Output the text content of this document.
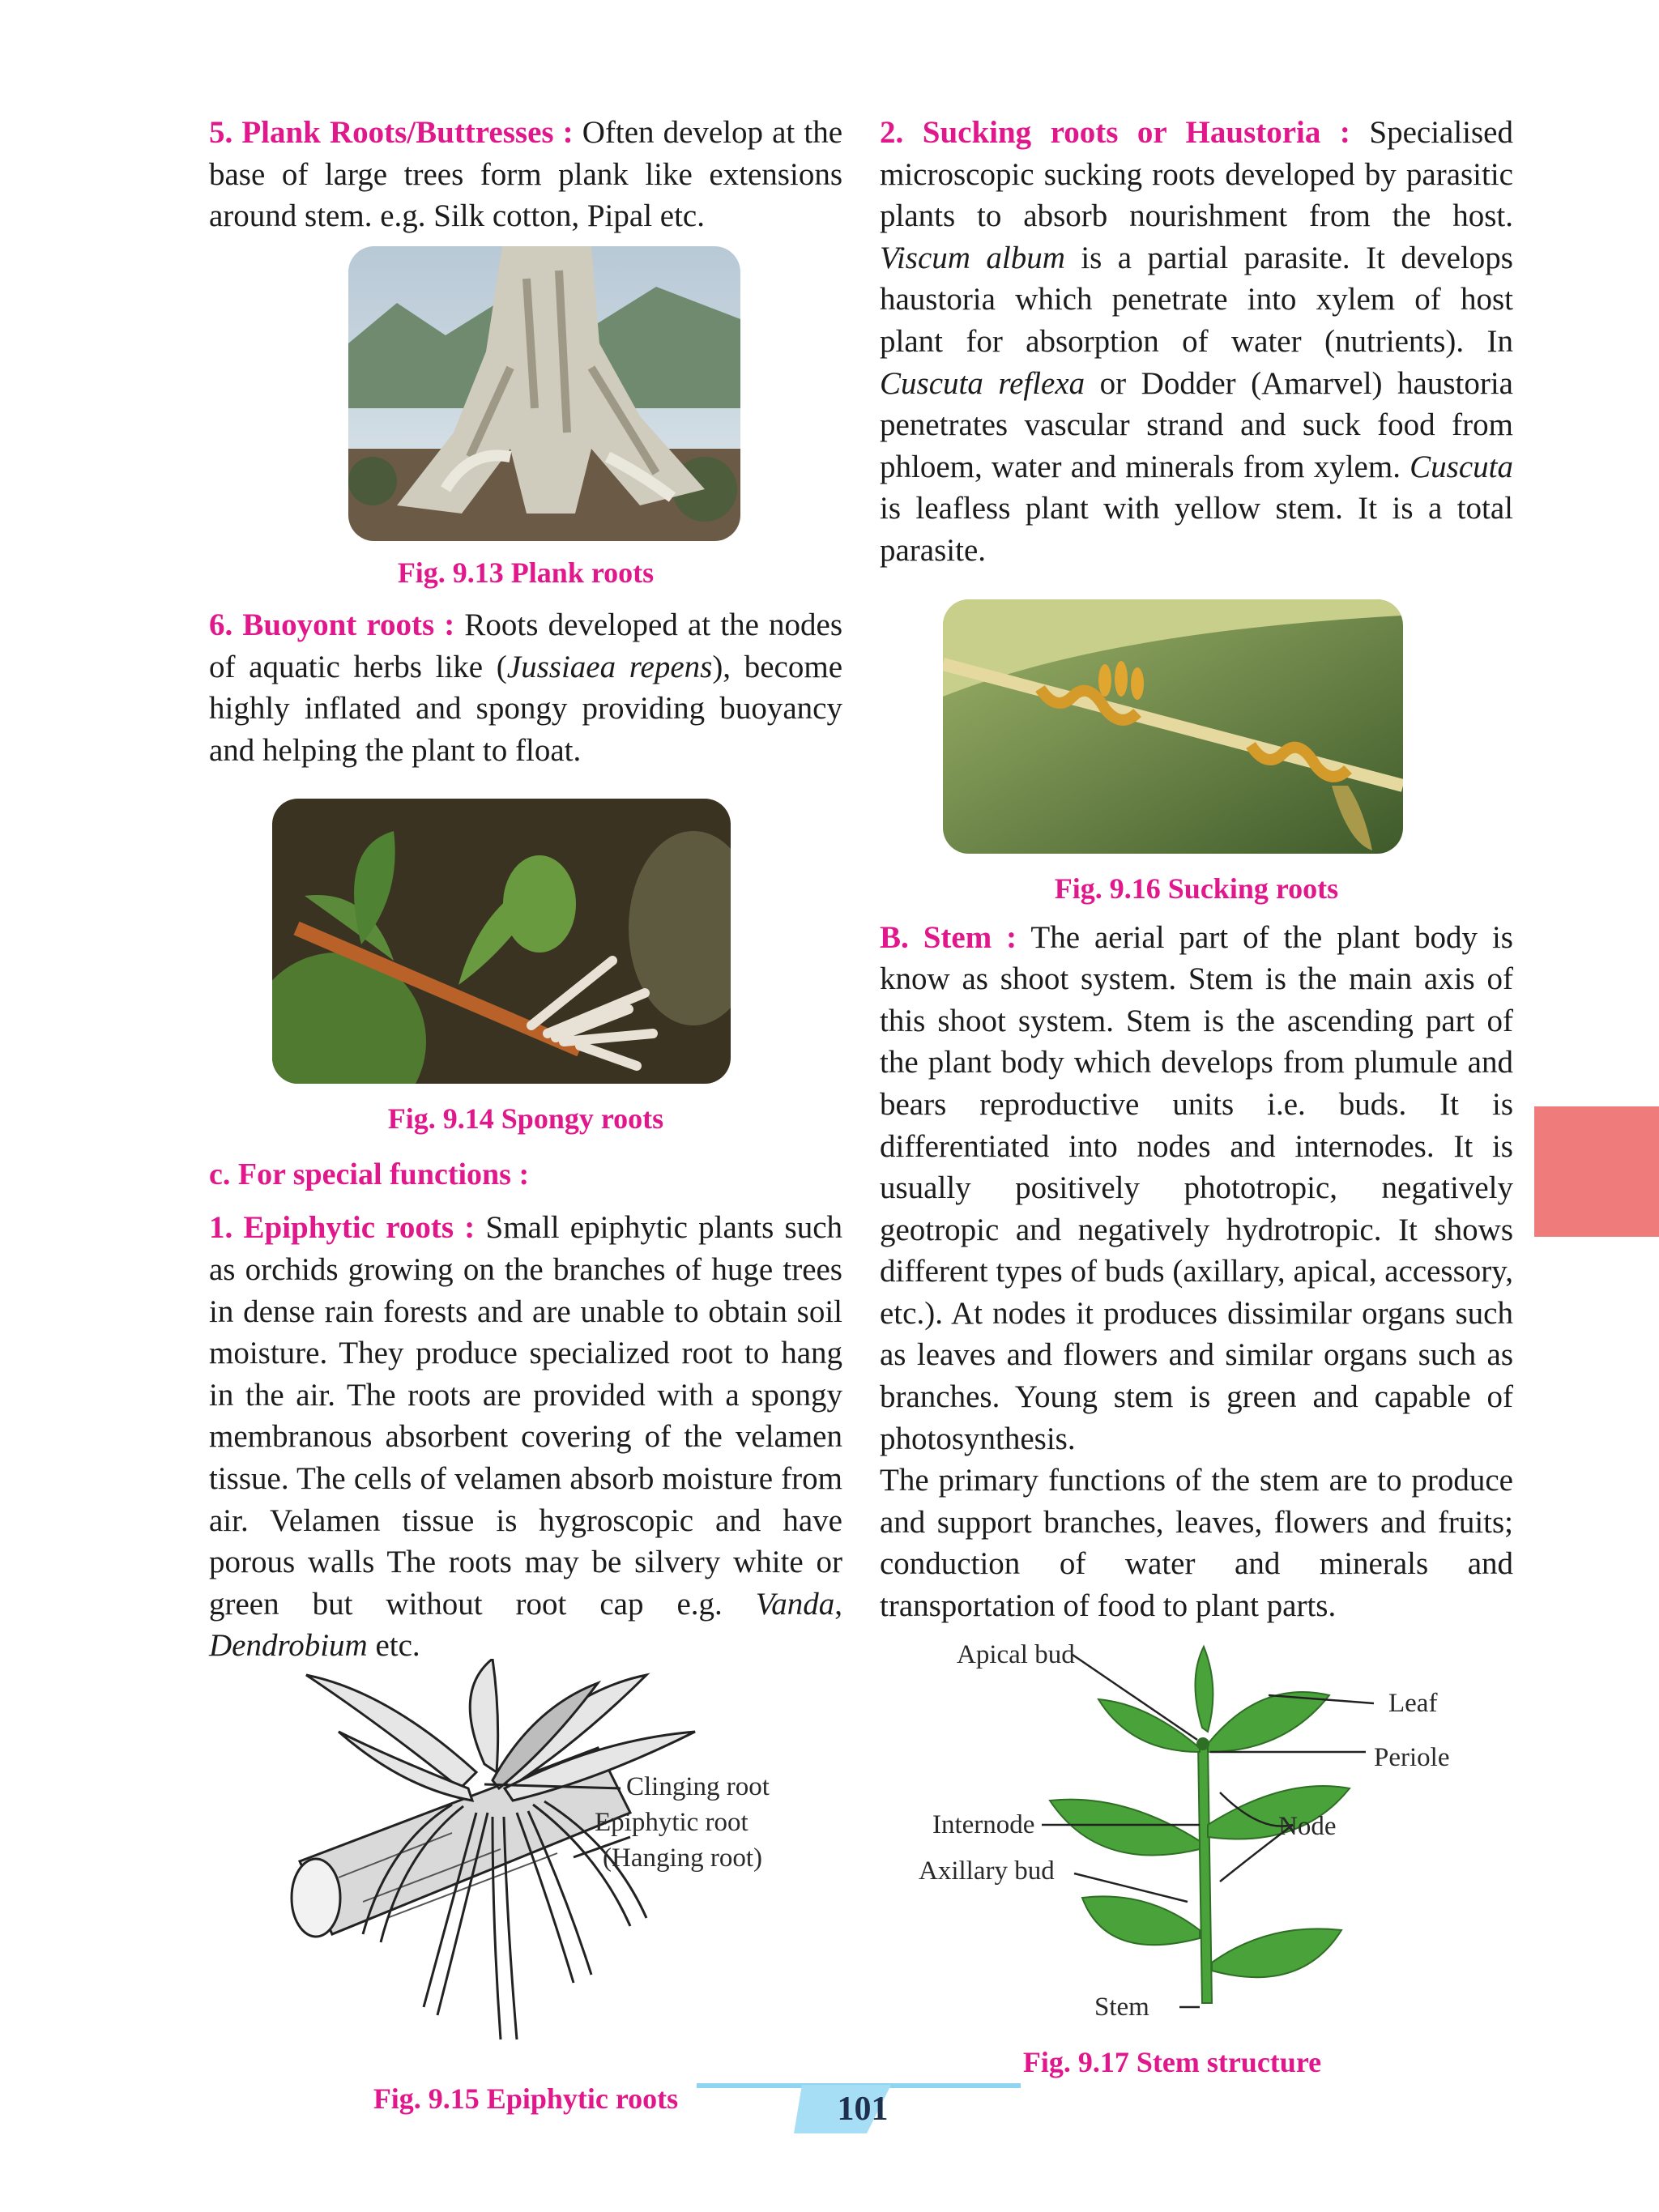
5. Plank Roots/Buttresses : Often develop at the base of large trees form plank like extensions around stem. e.g. Silk cotton, Pipal etc.

Fig. 9.13 Plank roots

6. Buoyont roots : Roots developed at the nodes of aquatic herbs like (Jussiaea repens), become highly inflated and spongy providing buoyancy and helping the plant to float.

Fig. 9.14 Spongy roots

c. For special functions :

1. Epiphytic roots : Small epiphytic plants such as orchids growing on the branches of huge trees in dense rain forests and are unable to obtain soil moisture. They produce specialized root to hang in the air. The roots are provided with a spongy membranous absorbent covering of the velamen tissue. The cells of velamen absorb moisture from air. Velamen tissue is hygroscopic and have porous walls The roots may be silvery white or green but without root cap e.g. Vanda, Dendrobium etc.

Clinging root
Epiphytic root
(Hanging root)

Fig. 9.15 Epiphytic roots

2. Sucking roots or Haustoria : Specialised microscopic sucking roots developed by parasitic plants to absorb nourishment from the host. Viscum album is a partial parasite. It develops haustoria which penetrate into xylem of host plant for absorption of water (nutrients). In Cuscuta reflexa or Dodder (Amarvel) haustoria penetrates vascular strand and suck food from phloem, water and minerals from xylem. Cuscuta is leafless plant with yellow stem. It is a total parasite.

Fig. 9.16 Sucking roots

B. Stem : The aerial part of the plant body is know as shoot system. Stem is the main axis of this shoot system. Stem is the ascending part of the plant body which develops from plumule and bears reproductive units i.e. buds. It is differentiated into nodes and internodes. It is usually positively phototropic, negatively geotropic and negatively hydrotropic. It shows different types of buds (axillary, apical, accessory, etc.). At nodes it produces dissimilar organs such as leaves and flowers and similar organs such as branches. Young stem is green and capable of photosynthesis.

The primary functions of the stem are to produce and support branches, leaves, flowers and fruits; conduction of water and minerals and transportation of food to plant parts.

Apical bud
Leaf
Periole
Internode	Node
Axillary bud
Stem

Fig. 9.17 Stem structure

101
